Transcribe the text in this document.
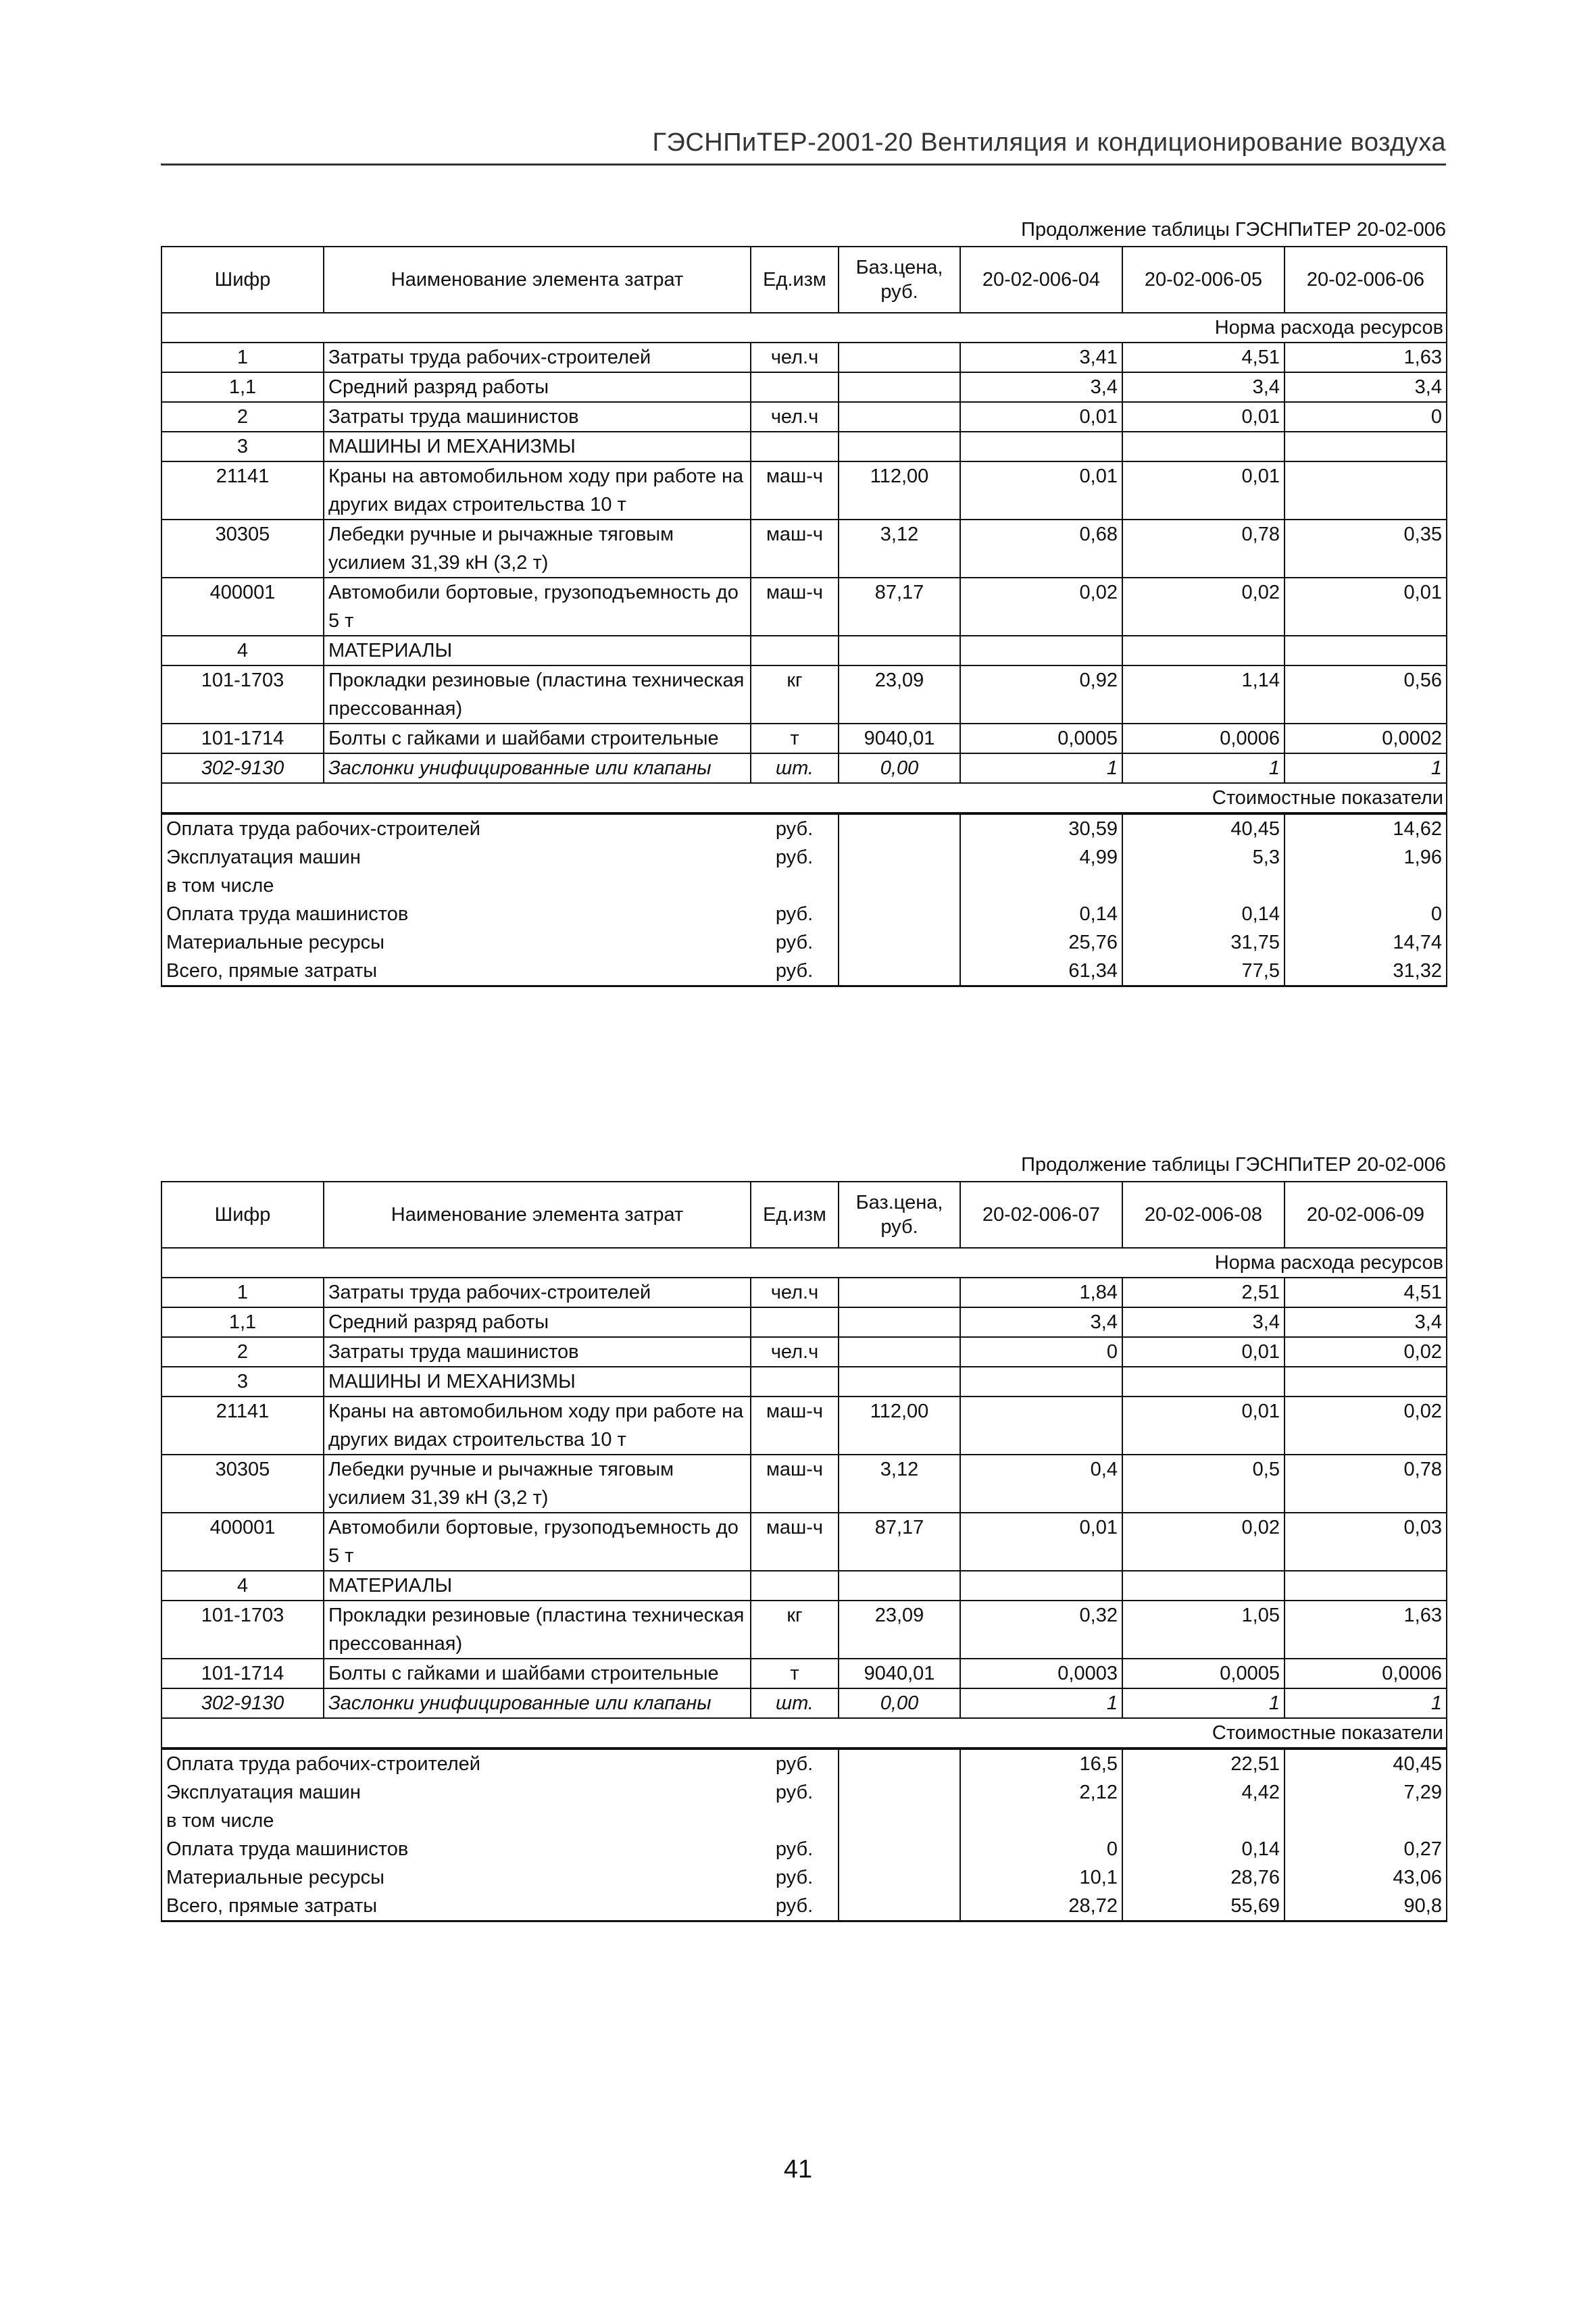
ГЭСНПиТЕР-2001-20 Вентиляция и кондиционирование воздуха
Продолжение таблицы ГЭСНПиТЕР 20-02-006
Шифр	Наименование элемента затрат	Ед.изм	Баз.цена, руб.	20-02-006-04	20-02-006-05	20-02-006-06
Норма расхода ресурсов						
1	Затраты труда рабочих-строителей	чел.ч		3,41	4,51	1,63
1,1	Средний разряд работы			3,4	3,4	3,4
2	Затраты труда машинистов	чел.ч		0,01	0,01	0
3	МАШИНЫ И МЕХАНИЗМЫ					
21141	Краны на автомобильном ходу при работе на других видах строительства 10 т	маш-ч	112,00	0,01	0,01	
30305	Лебедки ручные и рычажные тяговым усилием 31,39 кН (3,2 т)	маш-ч	3,12	0,68	0,78	0,35
400001	Автомобили бортовые, грузоподъемность до 5 т	маш-ч	87,17	0,02	0,02	0,01
4	МАТЕРИАЛЫ					
101-1703	Прокладки резиновые (пластина техническая прессованная)	кг	23,09	0,92	1,14	0,56
101-1714	Болты с гайками и шайбами строительные	т	9040,01	0,0005	0,0006	0,0002
302-9130	Заслонки унифицированные или клапаны	шт.	0,00	1	1	1
Стоимостные показатели						
Оплата труда рабочих-строителей		руб.		30,59	40,45	14,62
Эксплуатация машин		руб.		4,99	5,3	1,96
в том числе						
Оплата труда машинистов		руб.		0,14	0,14	0
Материальные ресурсы		руб.		25,76	31,75	14,74
Всего, прямые затраты		руб.		61,34	77,5	31,32
Продолжение таблицы ГЭСНПиТЕР 20-02-006
Шифр	Наименование элемента затрат	Ед.изм	Баз.цена, руб.	20-02-006-07	20-02-006-08	20-02-006-09
Норма расхода ресурсов						
1	Затраты труда рабочих-строителей	чел.ч		1,84	2,51	4,51
1,1	Средний разряд работы			3,4	3,4	3,4
2	Затраты труда машинистов	чел.ч		0	0,01	0,02
3	МАШИНЫ И МЕХАНИЗМЫ					
21141	Краны на автомобильном ходу при работе на других видах строительства 10 т	маш-ч	112,00		0,01	0,02
30305	Лебедки ручные и рычажные тяговым усилием 31,39 кН (3,2 т)	маш-ч	3,12	0,4	0,5	0,78
400001	Автомобили бортовые, грузоподъемность до 5 т	маш-ч	87,17	0,01	0,02	0,03
4	МАТЕРИАЛЫ					
101-1703	Прокладки резиновые (пластина техническая прессованная)	кг	23,09	0,32	1,05	1,63
101-1714	Болты с гайками и шайбами строительные	т	9040,01	0,0003	0,0005	0,0006
302-9130	Заслонки унифицированные или клапаны	шт.	0,00	1	1	1
Стоимостные показатели						
Оплата труда рабочих-строителей		руб.		16,5	22,51	40,45
Эксплуатация машин		руб.		2,12	4,42	7,29
в том числе						
Оплата труда машинистов		руб.		0	0,14	0,27
Материальные ресурсы		руб.		10,1	28,76	43,06
Всего, прямые затраты		руб.		28,72	55,69	90,8
41
